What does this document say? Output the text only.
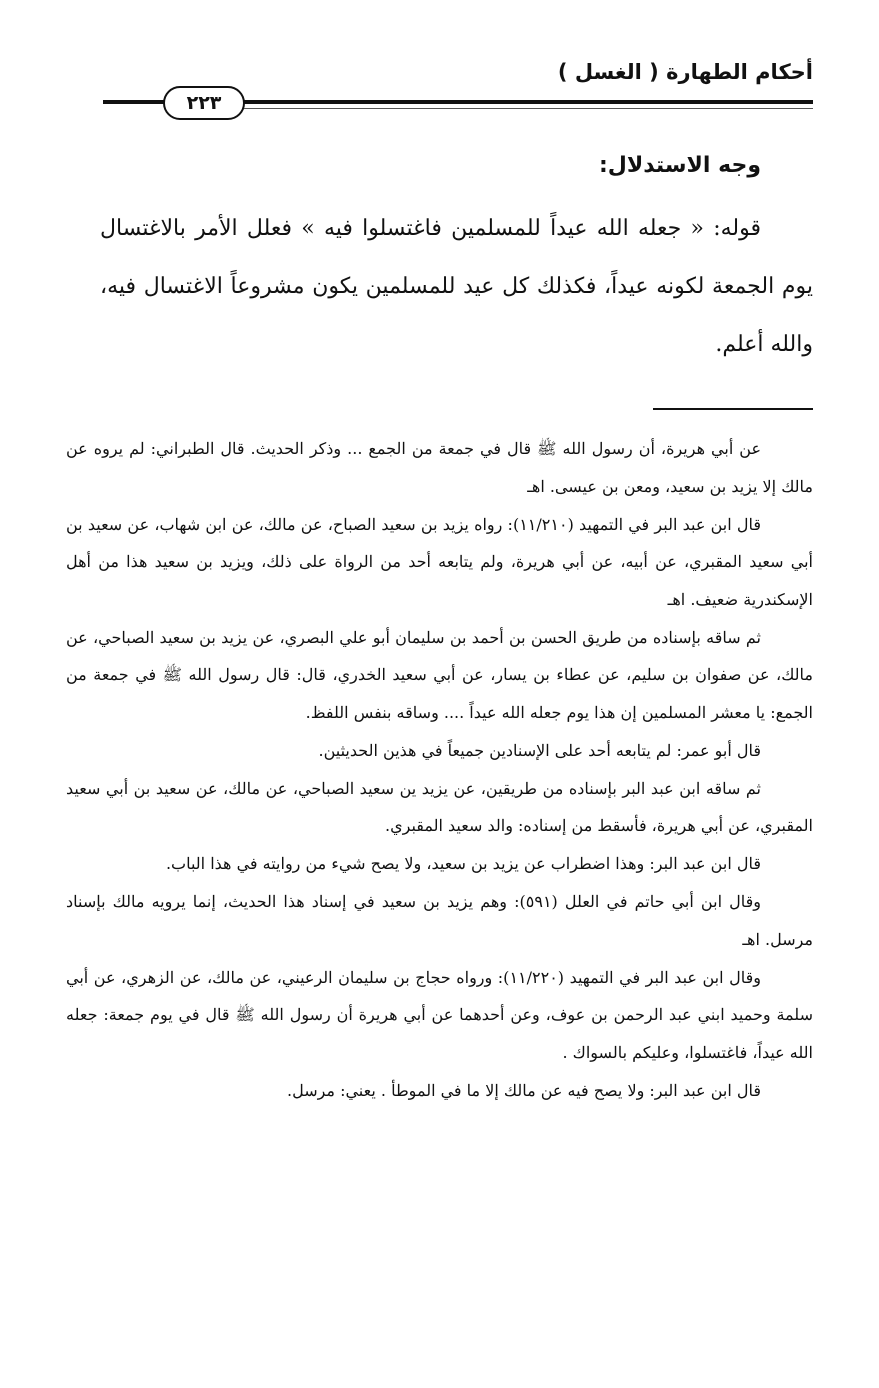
أحكام الطهارة ( الغسل )
٢٢٣
وجه الاستدلال:

قوله: « جعله الله عيداً للمسلمين فاغتسلوا فيه » فعلل الأمر بالاغتسال يوم الجمعة لكونه عيداً، فكذلك كل عيد للمسلمين يكون مشروعاً الاغتسال فيه، والله أعلم.

عن أبي هريرة، أن رسول الله ﷺ قال في جمعة من الجمع ... وذكر الحديث. قال الطبراني: لم يروه عن مالك إلا يزيد بن سعيد، ومعن بن عيسى. اهـ

قال ابن عبد البر في التمهيد (١١/٢١٠): رواه يزيد بن سعيد الصباح، عن مالك، عن ابن شهاب، عن سعيد بن أبي سعيد المقبري، عن أبيه، عن أبي هريرة، ولم يتابعه أحد من الرواة على ذلك، ويزيد بن سعيد هذا من أهل الإسكندرية ضعيف. اهـ

ثم ساقه بإسناده من طريق الحسن بن أحمد بن سليمان أبو علي البصري، عن يزيد بن سعيد الصباحي، عن مالك، عن صفوان بن سليم، عن عطاء بن يسار، عن أبي سعيد الخدري، قال: قال رسول الله ﷺ في جمعة من الجمع: يا معشر المسلمين إن هذا يوم جعله الله عيداً .... وساقه بنفس اللفظ.

قال أبو عمر: لم يتابعه أحد على الإسنادين جميعاً في هذين الحديثين.

ثم ساقه ابن عبد البر بإسناده من طريقين، عن يزيد ين سعيد الصباحي، عن مالك، عن سعيد بن أبي سعيد المقبري، عن أبي هريرة، فأسقط من إسناده: والد سعيد المقبري.

قال ابن عبد البر: وهذا اضطراب عن يزيد بن سعيد، ولا يصح شيء من روايته في هذا الباب.

وقال ابن أبي حاتم في العلل (٥٩١): وهم يزيد بن سعيد في إسناد هذا الحديث، إنما يرويه مالك بإسناد مرسل. اهـ

وقال ابن عبد البر في التمهيد (١١/٢٢٠): ورواه حجاج بن سليمان الرعيني، عن مالك، عن الزهري، عن أبي سلمة وحميد ابني عبد الرحمن بن عوف، وعن أحدهما عن أبي هريرة أن رسول الله ﷺ قال في يوم جمعة: جعله الله عيداً، فاغتسلوا، وعليكم بالسواك .

قال ابن عبد البر: ولا يصح فيه عن مالك إلا ما في الموطأ . يعني: مرسل.
